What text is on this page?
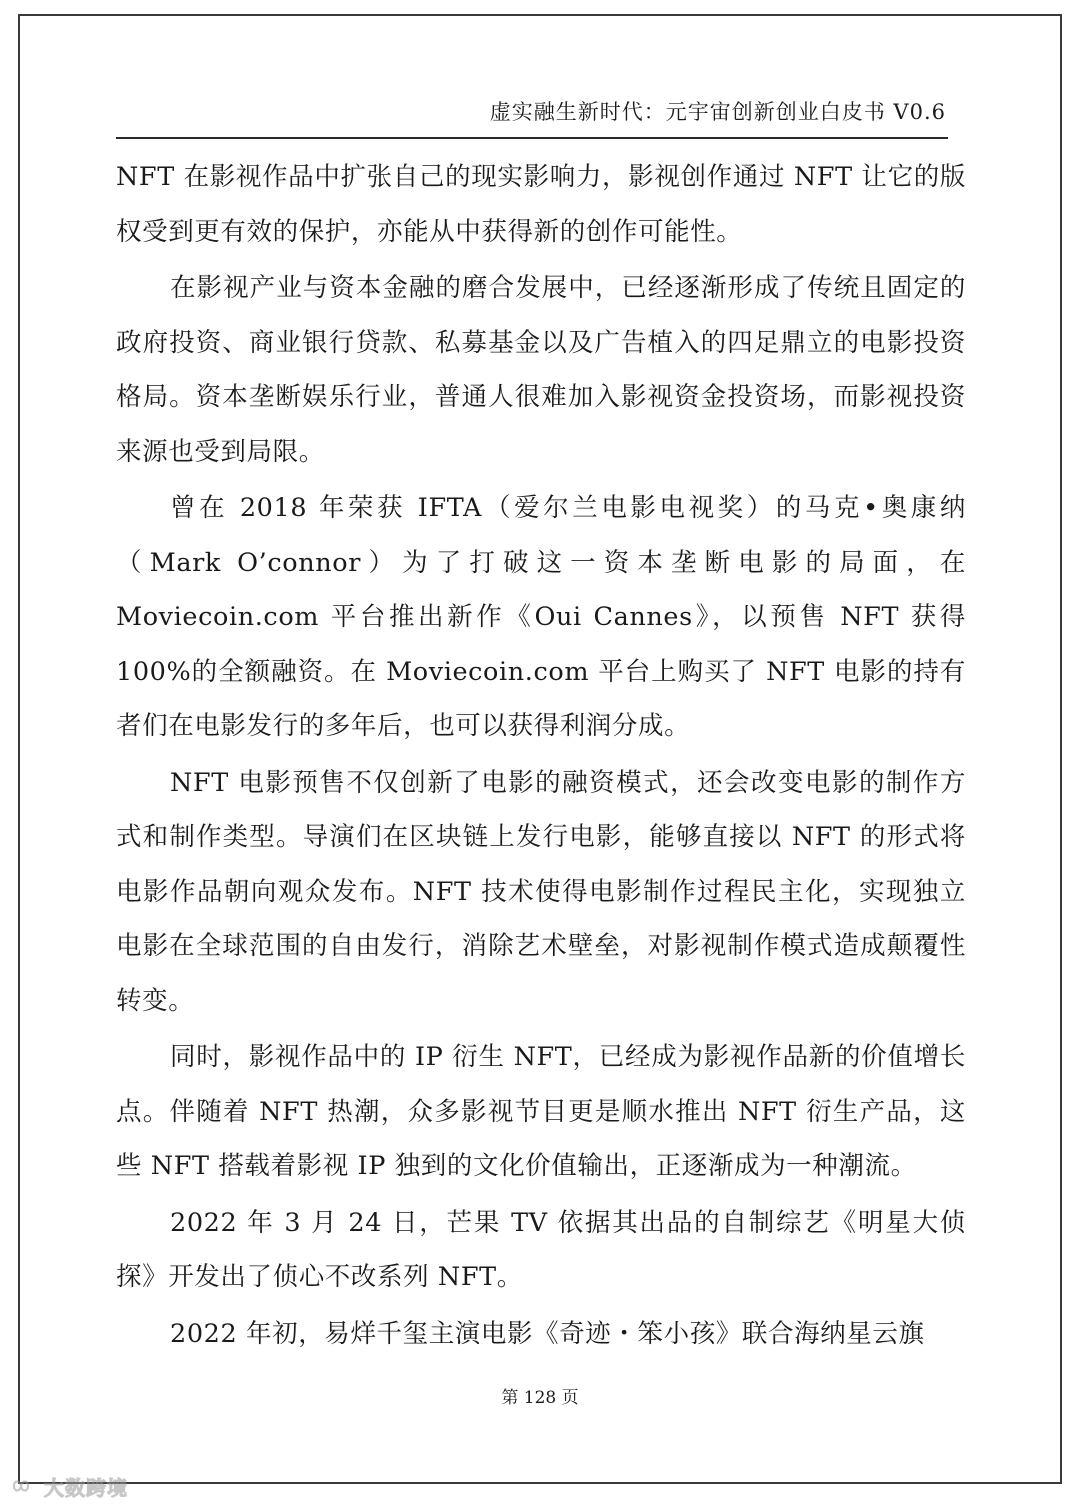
虚实融生新时代：元宇宙创新创业白皮书 V0.6

NFT 在影视作品中扩张自己的现实影响力，影视创作通过 NFT 让它的版权受到更有效的保护，亦能从中获得新的创作可能性。

在影视产业与资本金融的磨合发展中，已经逐渐形成了传统且固定的政府投资、商业银行贷款、私募基金以及广告植入的四足鼎立的电影投资格局。资本垄断娱乐行业，普通人很难加入影视资金投资场，而影视投资来源也受到局限。

曾在 2018 年荣获 IFTA（爱尔兰电影电视奖）的马克•奥康纳（Mark O’connor）为了打破这一资本垄断电影的局面，在 Moviecoin.com 平台推出新作《Oui Cannes》，以预售 NFT 获得 100%的全额融资。在 Moviecoin.com 平台上购买了 NFT 电影的持有者们在电影发行的多年后，也可以获得利润分成。

NFT 电影预售不仅创新了电影的融资模式，还会改变电影的制作方式和制作类型。导演们在区块链上发行电影，能够直接以 NFT 的形式将电影作品朝向观众发布。NFT 技术使得电影制作过程民主化，实现独立电影在全球范围的自由发行，消除艺术壁垒，对影视制作模式造成颠覆性转变。

同时，影视作品中的 IP 衍生 NFT，已经成为影视作品新的价值增长点。伴随着 NFT 热潮，众多影视节目更是顺水推出 NFT 衍生产品，这些 NFT 搭载着影视 IP 独到的文化价值输出，正逐渐成为一种潮流。

2022 年 3 月 24 日，芒果 TV 依据其出品的自制综艺《明星大侦探》开发出了侦心不改系列 NFT。

2022 年初，易烊千玺主演电影《奇迹・笨小孩》联合海纳星云旗

第 128 页
大数跨境
